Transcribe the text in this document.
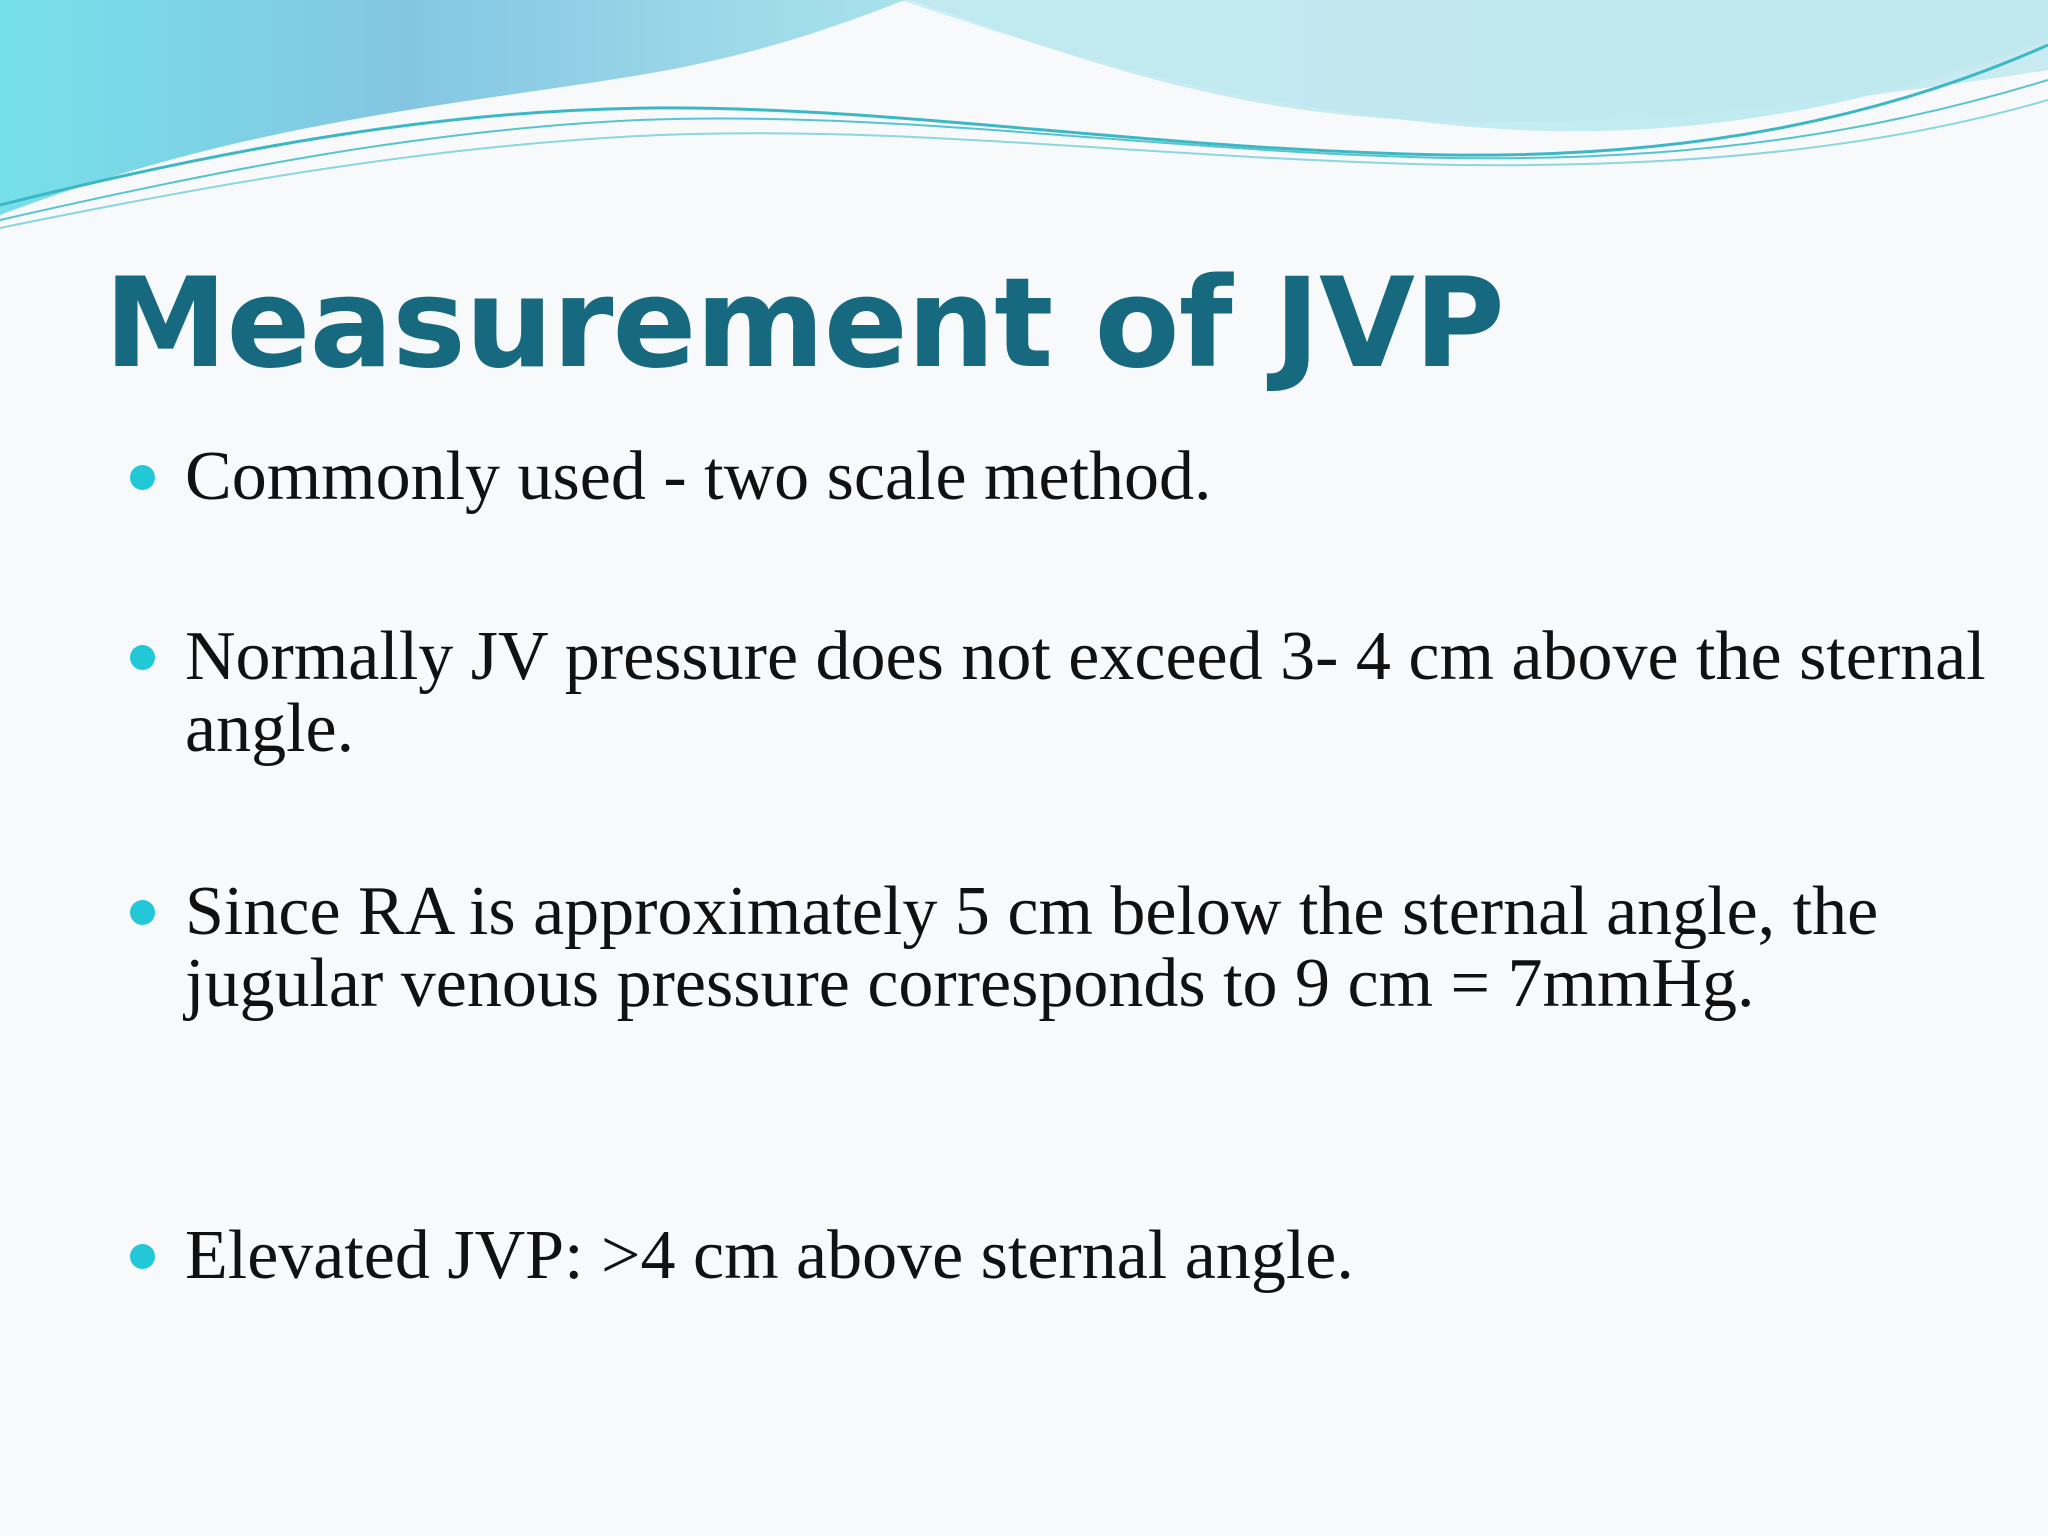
Measurement of JVP
Commonly used - two scale method.
Normally JV pressure does not exceed 3- 4 cm above the sternal angle.
Since RA is approximately 5 cm below the sternal angle, the jugular venous pressure corresponds to 9 cm = 7mmHg.
Elevated JVP: >4 cm above sternal angle.
